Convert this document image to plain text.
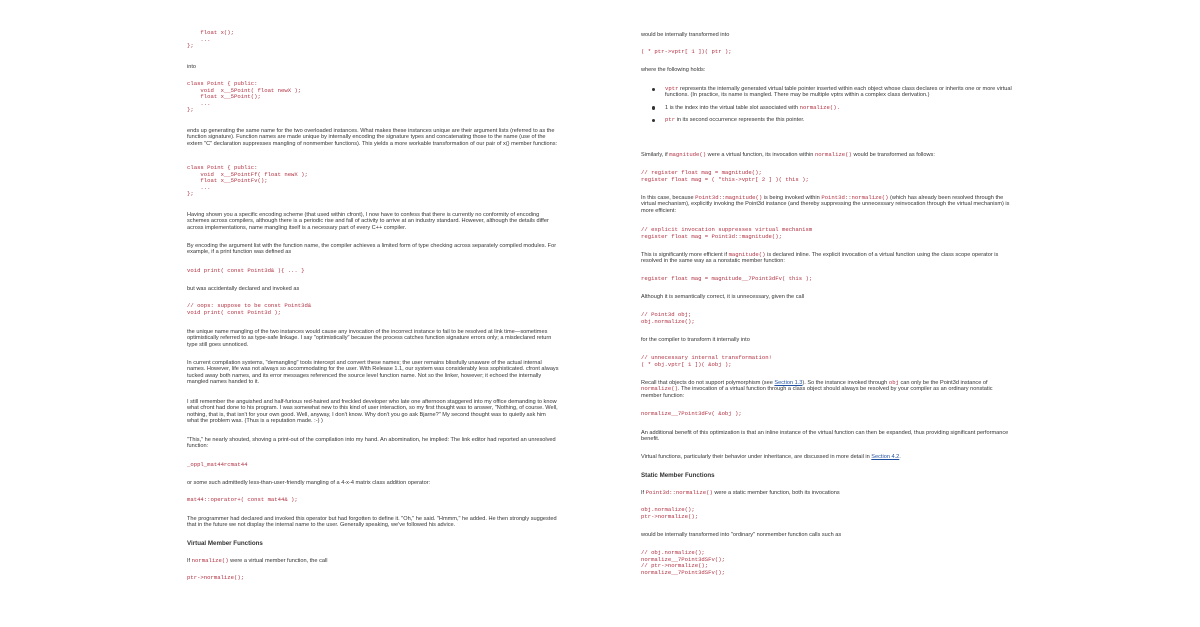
float x();
...
};

into

class Point { public:
void  x__5Point( float newX );
float x__5Point();
...
};

ends up generating the same name for the two overloaded instances. What makes these instances unique are their argument lists (referred to as the function signature). Function names are made unique by internally encoding the signature types and concatenating those to the name (use of the extern "C" declaration suppresses mangling of nonmember functions). This yields a more workable transformation of our pair of x() member functions:

class Point { public:
void  x__5PointFf( float newX );
float x__5PointFv();
...
};

Having shown you a specific encoding scheme (that used within cfront), I now have to confess that there is currently no conformity of encoding schemes across compilers, although there is a periodic rise and fall of activity to arrive at an industry standard. However, although the details differ across implementations, name mangling itself is a necessary part of every C++ compiler.

By encoding the argument list with the function name, the compiler achieves a limited form of type checking across separately compiled modules. For example, if a print function was defined as

void print( const Point3d& ){ ... }

but was accidentally declared and invoked as

// oops: suppose to be const Point3d&
void print( const Point3d );

the unique name mangling of the two instances would cause any invocation of the incorrect instance to fail to be resolved at link time—sometimes optimistically referred to as type-safe linkage. I say "optimistically" because the process catches function signature errors only; a misdeclared return type still goes unnoticed.

In current compilation systems, "demangling" tools intercept and convert these names; the user remains blissfully unaware of the actual internal names. However, life was not always so accommodating for the user. With Release 1.1, our system was considerably less sophisticated. cfront always tucked away both names, and its error messages referenced the source level function name. Not so the linker, however; it echoed the internally mangled names handed to it.

I still remember the anguished and half-furious red-haired and freckled developer who late one afternoon staggered into my office demanding to know what cfront had done to his program. I was somewhat new to this kind of user interaction, so my first thought was to answer, "Nothing, of course. Well, nothing, that is, that isn't for your own good. Well, anyway, I don't know. Why don't you go ask Bjarne?" My second thought was to quietly ask him what the problem was. (Thus is a reputation made. :-) )

"This," he nearly shouted, shoving a print-out of the compilation into my hand. An abomination, he implied: The link editor had reported an unresolved function:

_oppl_mat44rcmat44

or some such admittedly less-than-user-friendly mangling of a 4-x-4 matrix class addition operator:

mat44::operator+( const mat44& );

The programmer had declared and invoked this operator but had forgotten to define it. "Oh," he said. "Hmmm," he added. He then strongly suggested that in the future we not display the internal name to the user. Generally speaking, we've followed his advice.

Virtual Member Functions

If normalize() were a virtual member function, the call

ptr->normalize();

would be internally transformed into

( * ptr->vptr[ 1 ])( ptr );

where the following holds:

vptr represents the internally generated virtual table pointer inserted within each object whose class declares or inherits one or more virtual functions. (In practice, its name is mangled. There may be multiple vptrs within a complex class derivation.)
1 is the index into the virtual table slot associated with normalize().
ptr in its second occurrence represents the this pointer.

Similarly, if magnitude() were a virtual function, its invocation within normalize() would be transformed as follows:

// register float mag = magnitude();
register float mag = ( *this->vptr[ 2 ] )( this );

In this case, because Point3d::magnitude() is being invoked within Point3d::normalize() (which has already been resolved through the virtual mechanism), explicitly invoking the Point3d instance (and thereby suppressing the unnecessary reinvocation through the virtual mechanism) is more efficient:

// explicit invocation suppresses virtual mechanism
register float mag = Point3d::magnitude();

This is significantly more efficient if magnitude() is declared inline. The explicit invocation of a virtual function using the class scope operator is resolved in the same way as a nonstatic member function:

register float mag = magnitude__7Point3dFv( this );

Although it is semantically correct, it is unnecessary, given the call

// Point3d obj;
obj.normalize();

for the compiler to transform it internally into

// unnecessary internal transformation!
( * obj.vptr[ 1 ])( &obj );

Recall that objects do not support polymorphism (see Section 1.3). So the instance invoked through obj can only be the Point3d instance of normalize(). The invocation of a virtual function through a class object should always be resolved by your compiler as an ordinary nonstatic member function:

normalize__7Point3dFv( &obj );

An additional benefit of this optimization is that an inline instance of the virtual function can then be expanded, thus providing significant performance benefit.

Virtual functions, particularly their behavior under inheritance, are discussed in more detail in Section 4.2.

Static Member Functions

If Point3d::normalize() were a static member function, both its invocations

obj.normalize();
ptr->normalize();

would be internally transformed into "ordinary" nonmember function calls such as

// obj.normalize();
normalize__7Point3dSFv();
// ptr->normalize();
normalize__7Point3dSFv();
